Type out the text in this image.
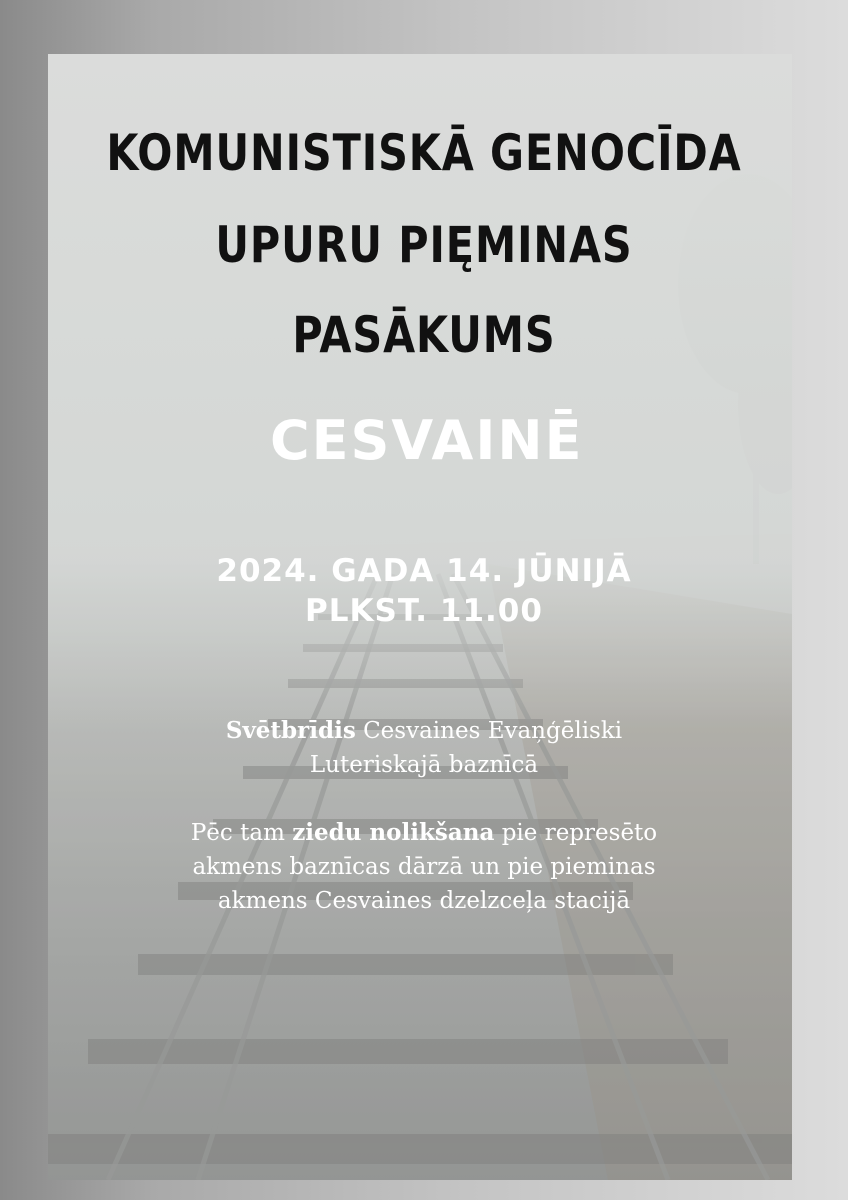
KOMUNISTISKĀ GENOCĪDA
UPURU PIĘMINAS
PASĀKUMS
CESVAINĒ
2024. GADA 14. JŪNIJĀ
PLKST. 11.00
Svētbrīdis Cesvaines Evaņģēliski
Luteriskajā baznīcā
Pēc tam ziedu nolikšana pie represēto
akmens baznīcas dārzā un pie pieminas
akmens Cesvaines dzelzceļa stacijā
